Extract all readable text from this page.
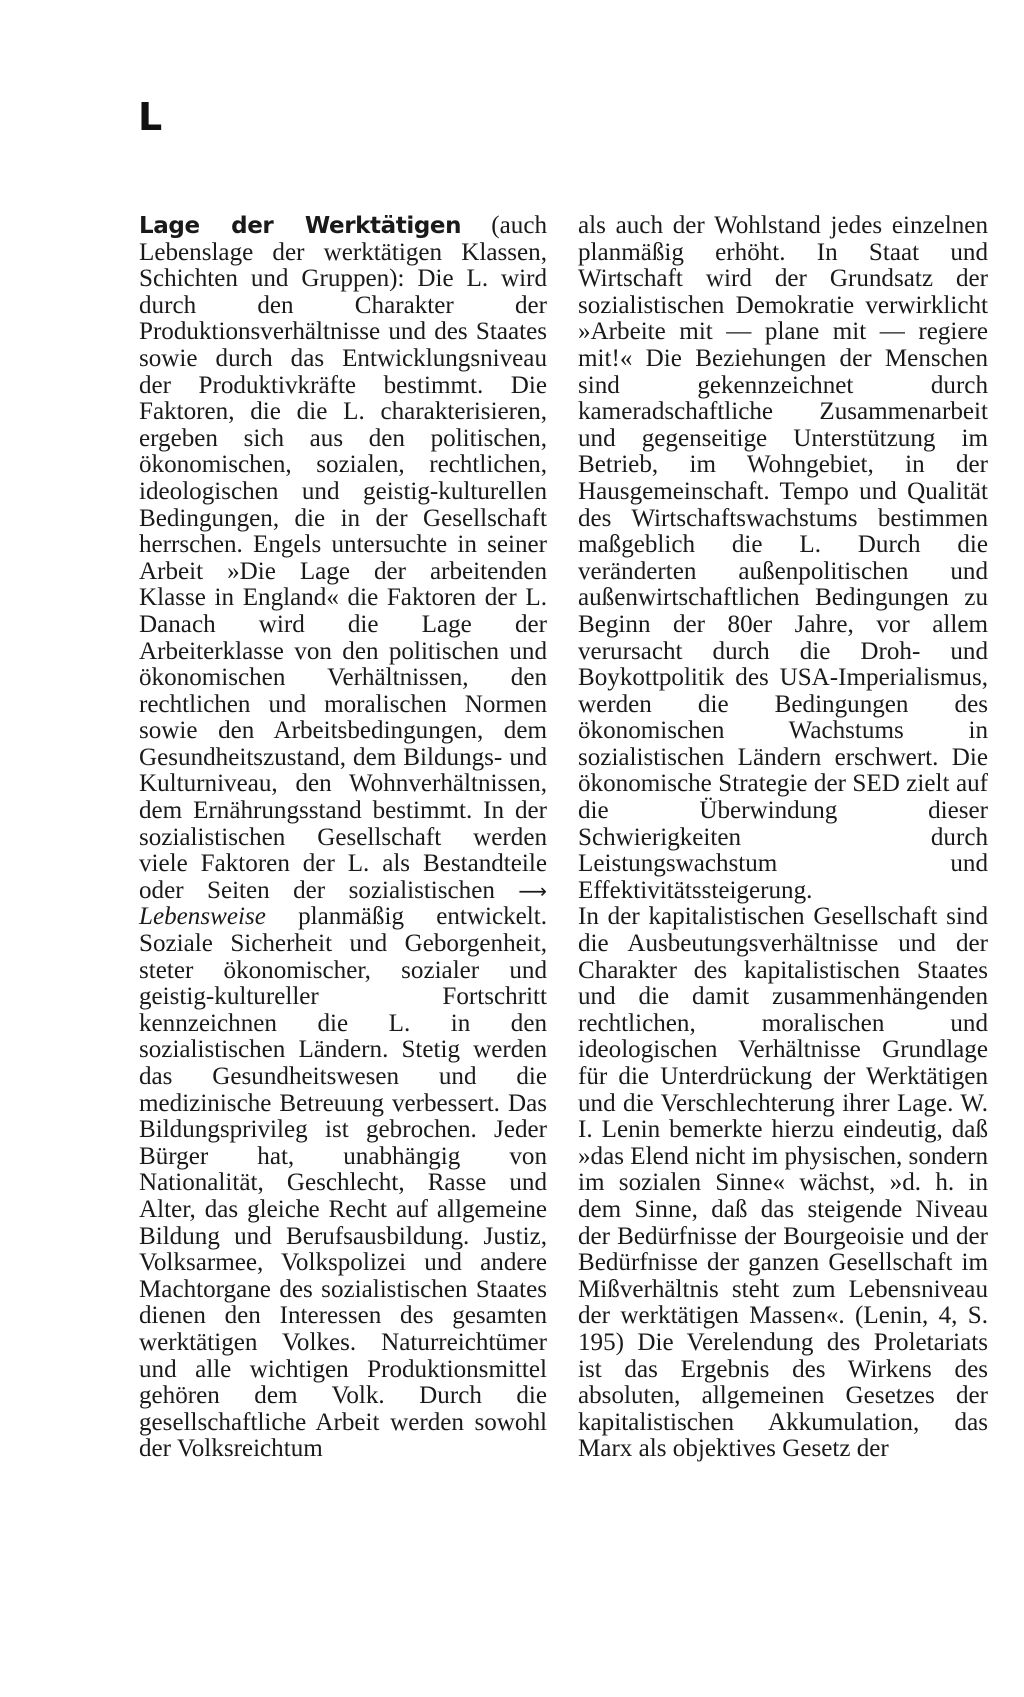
L

Lage der Werktätigen (auch Lebenslage der werktätigen Klassen, Schichten und Gruppen): Die L. wird durch den Charakter der Produktionsverhältnisse und des Staates sowie durch das Entwicklungsniveau der Produktivkräfte bestimmt. Die Faktoren, die die L. charakterisieren, ergeben sich aus den politischen, ökonomischen, sozialen, rechtlichen, ideologischen und geistig-kulturellen Bedingungen, die in der Gesellschaft herrschen. Engels untersuchte in seiner Arbeit »Die Lage der arbeitenden Klasse in England« die Faktoren der L. Danach wird die Lage der Arbeiterklasse von den politischen und ökonomischen Verhältnissen, den rechtlichen und moralischen Normen sowie den Arbeitsbedingungen, dem Gesundheitszustand, dem Bildungs- und Kulturniveau, den Wohnverhältnissen, dem Ernährungsstand bestimmt. In der sozialistischen Gesellschaft werden viele Faktoren der L. als Bestandteile oder Seiten der sozialistischen ⟶ Lebensweise planmäßig entwickelt. Soziale Sicherheit und Geborgenheit, steter ökonomischer, sozialer und geistig-kultureller Fortschritt kennzeichnen die L. in den sozialistischen Ländern. Stetig werden das Gesundheitswesen und die medizinische Betreuung verbessert. Das Bildungsprivileg ist gebrochen. Jeder Bürger hat, unabhängig von Nationalität, Geschlecht, Rasse und Alter, das gleiche Recht auf allgemeine Bildung und Berufsausbildung. Justiz, Volksarmee, Volkspolizei und andere Machtorgane des sozialistischen Staates dienen den Interessen des gesamten werktätigen Volkes. Naturreichtümer und alle wichtigen Produktionsmittel gehören dem Volk. Durch die gesellschaftliche Arbeit werden sowohl der Volksreichtum

als auch der Wohlstand jedes einzelnen planmäßig erhöht. In Staat und Wirtschaft wird der Grundsatz der sozialistischen Demokratie verwirklicht »Arbeite mit — plane mit — regiere mit!« Die Beziehungen der Menschen sind gekennzeichnet durch kameradschaftliche Zusammenarbeit und gegenseitige Unterstützung im Betrieb, im Wohngebiet, in der Hausgemeinschaft. Tempo und Qualität des Wirtschaftswachstums bestimmen maßgeblich die L. Durch die veränderten außenpolitischen und außenwirtschaftlichen Bedingungen zu Beginn der 80er Jahre, vor allem verursacht durch die Droh- und Boykottpolitik des USA-Imperialismus, werden die Bedingungen des ökonomischen Wachstums in sozialistischen Ländern erschwert. Die ökonomische Strategie der SED zielt auf die Überwindung dieser Schwierigkeiten durch Leistungswachstum und Effektivitätssteigerung.

In der kapitalistischen Gesellschaft sind die Ausbeutungsverhältnisse und der Charakter des kapitalistischen Staates und die damit zusammenhängenden rechtlichen, moralischen und ideologischen Verhältnisse Grundlage für die Unterdrückung der Werktätigen und die Verschlechterung ihrer Lage. W. I. Lenin bemerkte hierzu eindeutig, daß »das Elend nicht im physischen, sondern im sozialen Sinne« wächst, »d. h. in dem Sinne, daß das steigende Niveau der Bedürfnisse der Bourgeoisie und der Bedürfnisse der ganzen Gesellschaft im Mißverhältnis steht zum Lebensniveau der werktätigen Massen«. (Lenin, 4, S. 195) Die Verelendung des Proletariats ist das Ergebnis des Wirkens des absoluten, allgemeinen Gesetzes der kapitalistischen Akkumulation, das Marx als objektives Gesetz der
